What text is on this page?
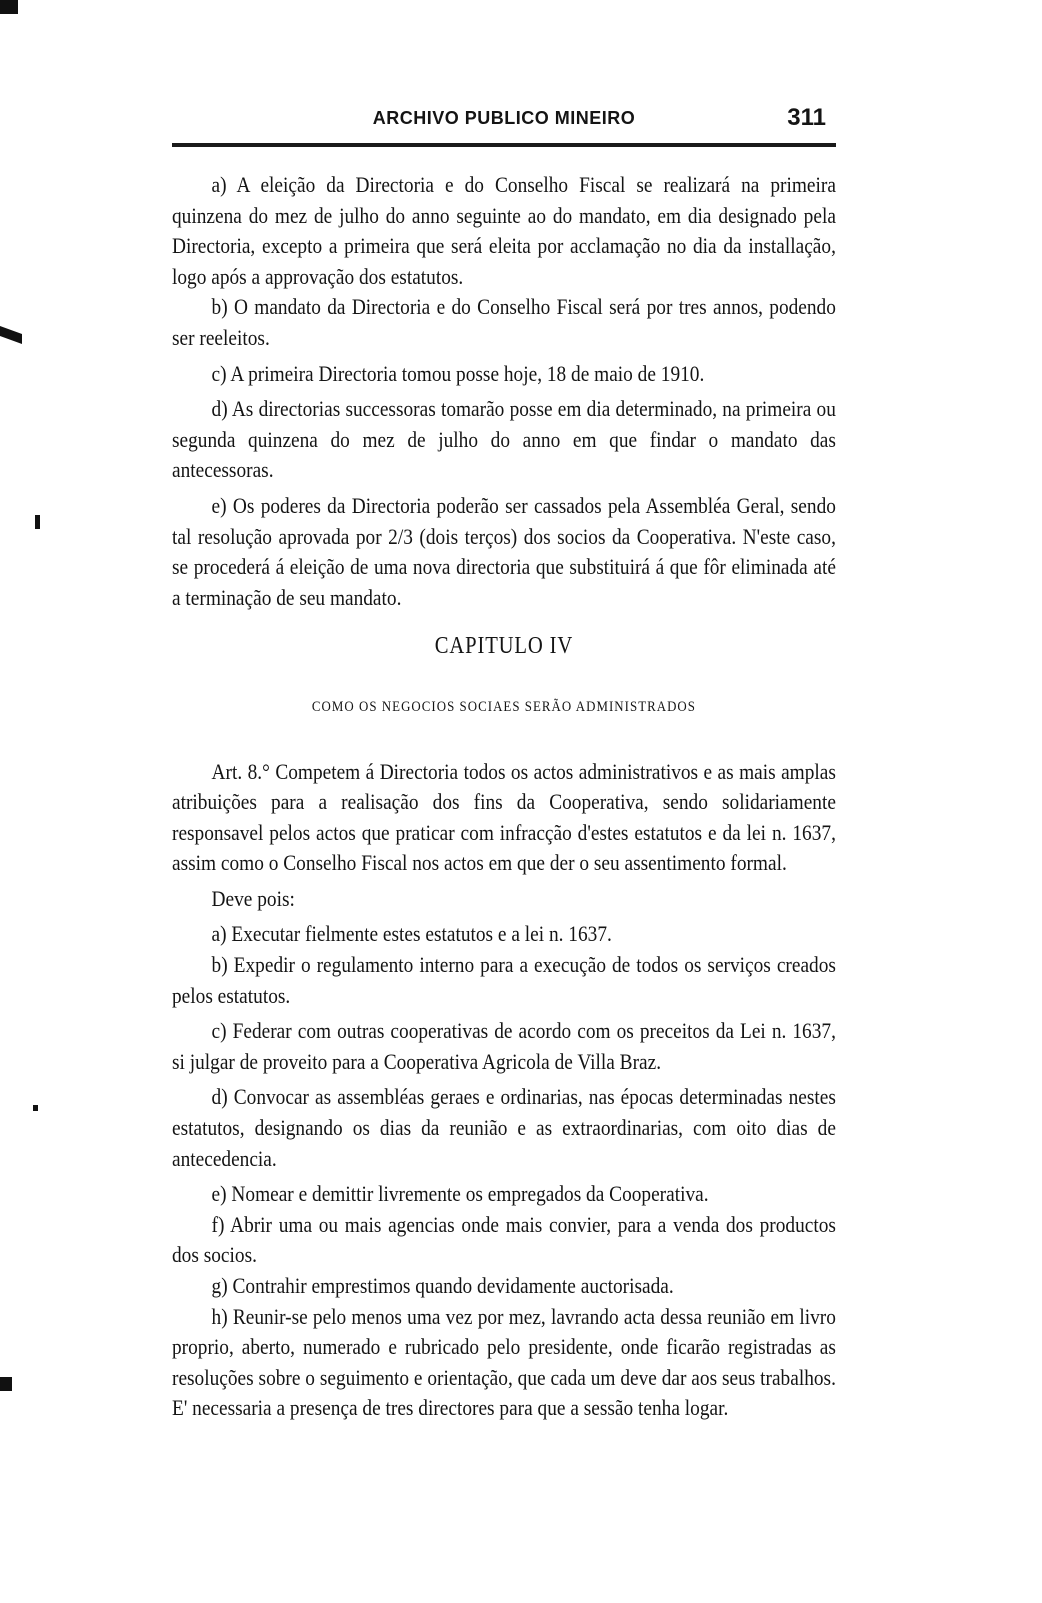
ARCHIVO PUBLICO MINEIRO	311

a) A eleição da Directoria e do Conselho Fiscal se realizará na primeira quinzena do mez de julho do anno seguinte ao do mandato, em dia designado pela Directoria, excepto a primeira que será eleita por acclamação no dia da installação, logo após a approvação dos estatutos.

b) O mandato da Directoria e do Conselho Fiscal será por tres annos, podendo ser reeleitos.

c) A primeira Directoria tomou posse hoje, 18 de maio de 1910.

d) As directorias successoras tomarão posse em dia determinado, na primeira ou segunda quinzena do mez de julho do anno em que findar o mandato das antecessoras.

e) Os poderes da Directoria poderão ser cassados pela Assembléa Geral, sendo tal resolução aprovada por 2/3 (dois terços) dos socios da Cooperativa. N'este caso, se procederá á eleição de uma nova directoria que substituirá á que fôr eliminada até a terminação de seu mandato.

CAPITULO IV
COMO OS NEGOCIOS SOCIAES SERÃO ADMINISTRADOS

Art. 8.° Competem á Directoria todos os actos administrativos e as mais amplas atribuições para a realisação dos fins da Cooperativa, sendo solidariamente responsavel pelos actos que praticar com infracção d'estes estatutos e da lei n. 1637, assim como o Conselho Fiscal nos actos em que der o seu assentimento formal.

Deve pois:

a) Executar fielmente estes estatutos e a lei n. 1637.

b) Expedir o regulamento interno para a execução de todos os serviços creados pelos estatutos.

c) Federar com outras cooperativas de acordo com os preceitos da Lei n. 1637, si julgar de proveito para a Cooperativa Agricola de Villa Braz.

d) Convocar as assembléas geraes e ordinarias, nas épocas determinadas nestes estatutos, designando os dias da reunião e as extraordinarias, com oito dias de antecedencia.

e) Nomear e demittir livremente os empregados da Cooperativa.

f) Abrir uma ou mais agencias onde mais convier, para a venda dos productos dos socios.

g) Contrahir emprestimos quando devidamente auctorisada.

h) Reunir-se pelo menos uma vez por mez, lavrando acta dessa reunião em livro proprio, aberto, numerado e rubricado pelo presidente, onde ficarão registradas as resoluções sobre o seguimento e orientação, que cada um deve dar aos seus trabalhos. E' necessaria a presença de tres directores para que a sessão tenha logar.
